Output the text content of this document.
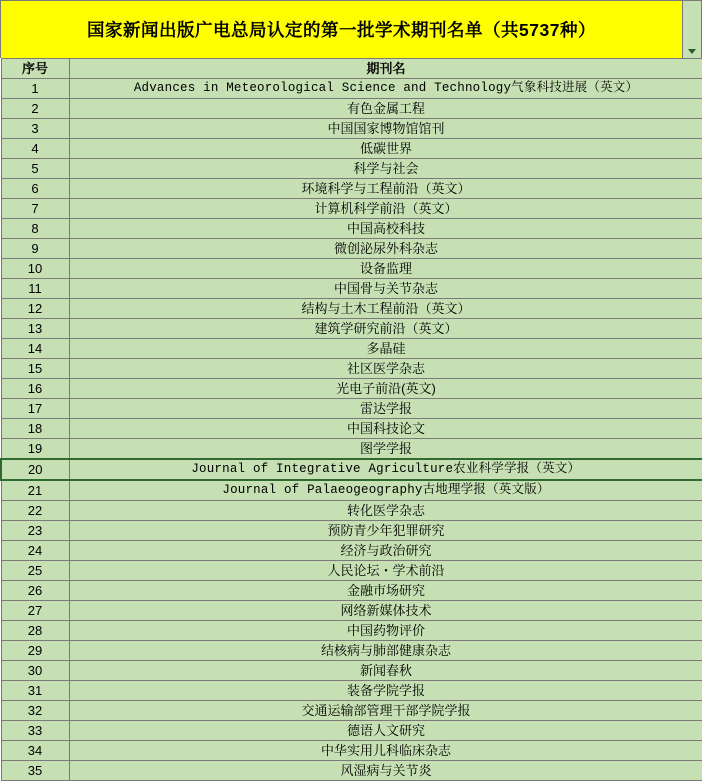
国家新闻出版广电总局认定的第一批学术期刊名单（共5737种）
序号	期刊名
1	Advances in Meteorological Science and Technology气象科技进展（英文）
2	有色金属工程
3	中国国家博物馆馆刊
4	低碳世界
5	科学与社会
6	环境科学与工程前沿（英文）
7	计算机科学前沿（英文）
8	中国高校科技
9	微创泌尿外科杂志
10	设备监理
11	中国骨与关节杂志
12	结构与土木工程前沿（英文）
13	建筑学研究前沿（英文）
14	多晶硅
15	社区医学杂志
16	光电子前沿(英文)
17	雷达学报
18	中国科技论文
19	图学学报
20	Journal of Integrative Agriculture农业科学学报（英文）
21	Journal of Palaeogeography古地理学报（英文版）
22	转化医学杂志
23	预防青少年犯罪研究
24	经济与政治研究
25	人民论坛・学术前沿
26	金融市场研究
27	网络新媒体技术
28	中国药物评价
29	结核病与肺部健康杂志
30	新闻春秋
31	装备学院学报
32	交通运输部管理干部学院学报
33	德语人文研究
34	中华实用儿科临床杂志
35	风湿病与关节炎
